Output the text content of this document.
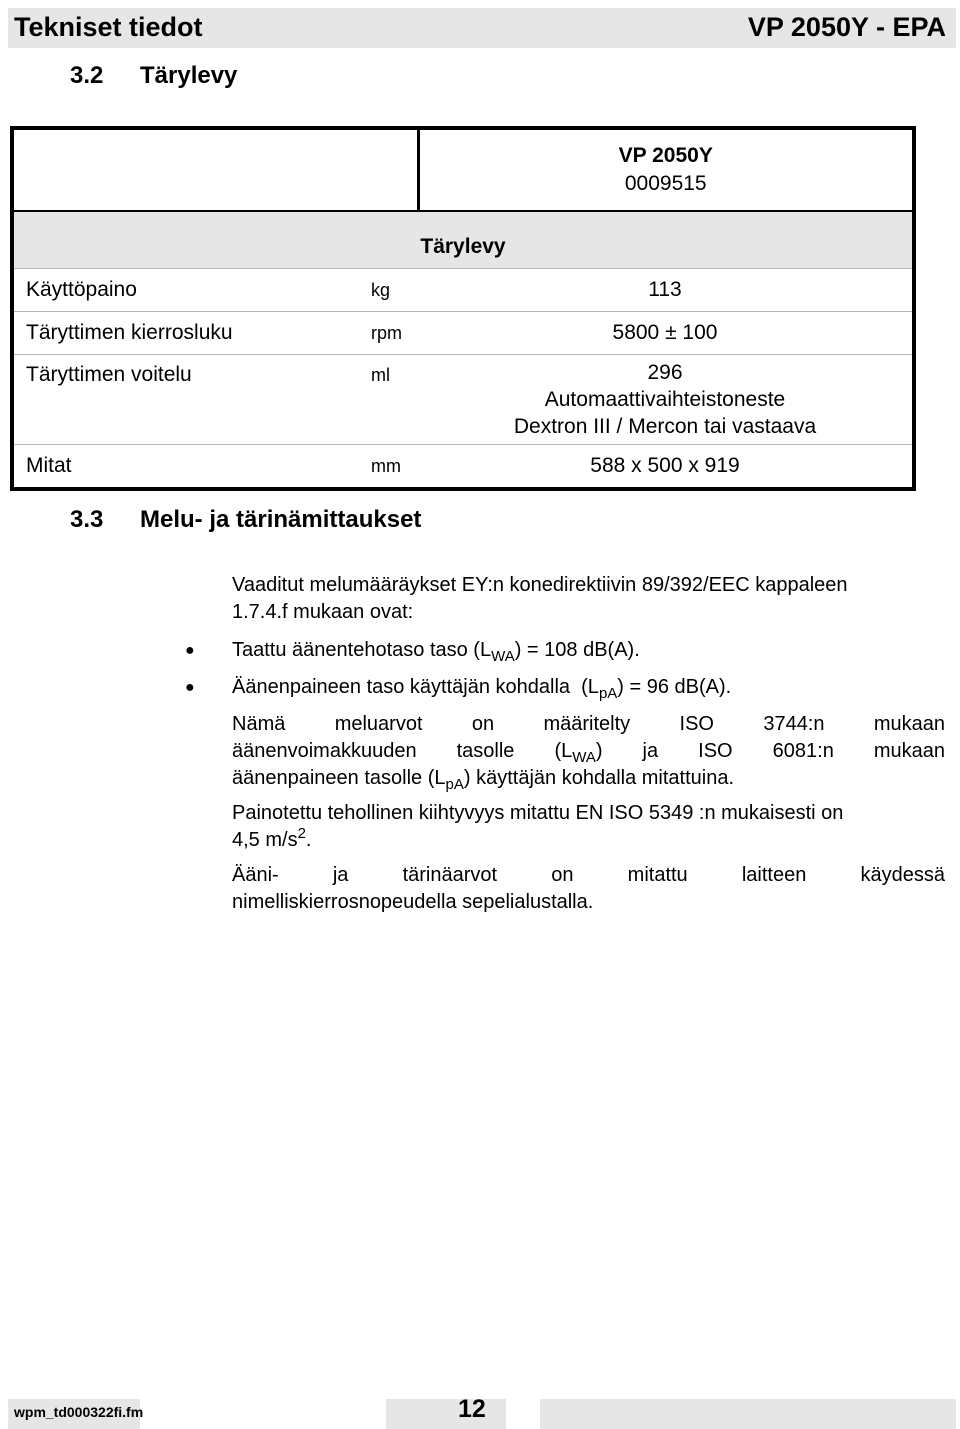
Tekniset tiedot	VP 2050Y - EPA
3.2 Tärylevy

		VP 2050Y
0009515

Tärylevy		
Käyttöpaino	kg	113
Täryttimen kierrosluku	rpm	5800 ± 100
Täryttimen voitelu	ml	296
Automaattivaihteistoneste
Dextron III / Mercon tai vastaava

Mitat	mm	588 x 500 x 919
3.3 Melu- ja tärinämittaukset
Vaaditut melumääräykset EY:n konedirektiivin 89/392/EEC kappaleen
1.7.4.f mukaan ovat:
● Taattu äänentehotaso taso $(L_{WA}) = 108$ dB(A).
● Äänenpaineen taso käyttäjän kohdalla  $(L_{pA}) = 96$ dB(A).
Nämä meluarvot on määritelty ISO 3744:n mukaan
äänenvoimakkuuden tasolle $(L_{WA})$ ja ISO 6081:n mukaan
äänenpaineen tasolle $(L_{pA})$ käyttäjän kohdalla mitattuina.
Painotettu tehollinen kiihtyvyys mitattu EN ISO 5349 :n mukaisesti on
4,5 $m/s^2$.
Ääni- ja tärinäarvot on mitattu laitteen käydessä
nimelliskierrosnopeudella sepelialustalla.
wpm_td000322fi.fm	12
